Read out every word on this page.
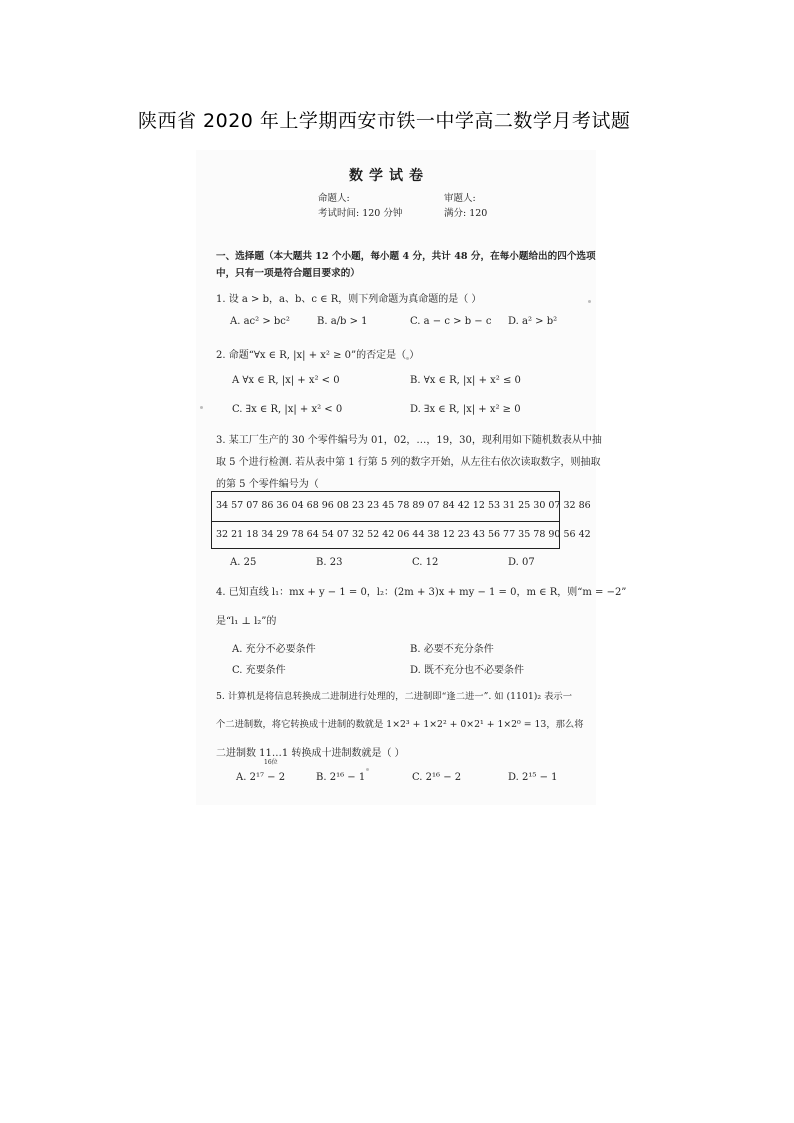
陕西省 2020 年上学期西安市铁一中学高二数学月考试题
数学试卷
命题人:	审题人:
考试时间: 120 分钟	满分: 120
一、选择题（本大题共 12 个小题，每小题 4 分，共计 48 分，在每小题给出的四个选项
中，只有一项是符合题目要求的）
1. 设 a > b，a、b、c ∈ R，则下列命题为真命题的是（ ）
A. ac² > bc²	B. a/b > 1	C. a − c > b − c D. a² > b²
2. 命题“∀x ∈ R, |x| + x² ≥ 0”的否定是（ ）
A ∀x ∈ R, |x| + x² < 0	B. ∀x ∈ R, |x| + x² ≤ 0
C. ∃x ∈ R, |x| + x² < 0	D. ∃x ∈ R, |x| + x² ≥ 0
3. 某工厂生产的 30 个零件编号为 01，02，…，19，30，现利用如下随机数表从中抽
取 5 个进行检测. 若从表中第 1 行第 5 列的数字开始，从左往右依次读取数字，则抽取
的第 5 个零件编号为（
34 57 07 86 36 04 68 96 08 23 23 45 78 89 07 84 42 12 53 31 25 30 07 32 86
32 21 18 34 29 78 64 54 07 32 52 42 06 44 38 12 23 43 56 77 35 78 90 56 42
A. 25	B. 23	C. 12	D. 07
4. 已知直线 l₁：mx + y − 1 = 0，l₂：(2m + 3)x + my − 1 = 0，m ∈ R，则“m = −2”
是“l₁ ⊥ l₂”的
A. 充分不必要条件	B. 必要不充分条件
C. 充要条件	D. 既不充分也不必要条件
5. 计算机是将信息转换成二进制进行处理的，二进制即“逢二进一”. 如 (1101)₂ 表示一
个二进制数，将它转换成十进制的数就是 1×2³ + 1×2² + 0×2¹ + 1×2⁰ = 13，那么将
二进制数 11…1 转换成十进制数就是（ ）
16位
A. 2¹⁷ − 2	B. 2¹⁶ − 1	C. 2¹⁶ − 2	D. 2¹⁵ − 1
